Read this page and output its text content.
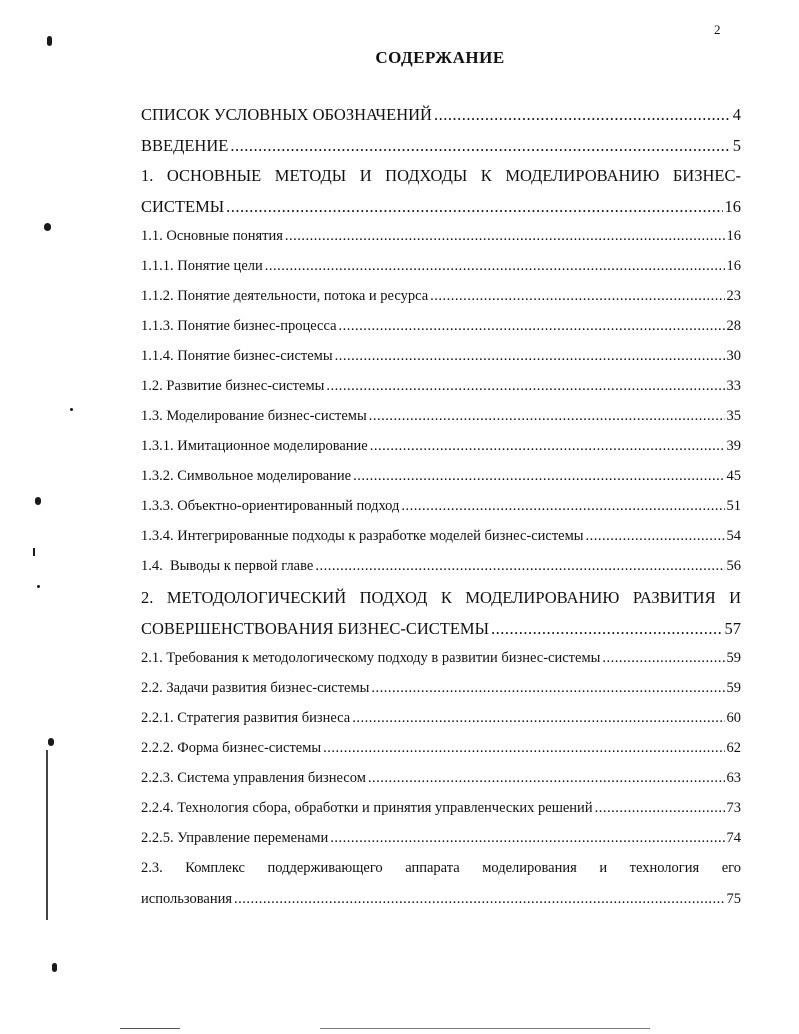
2
СОДЕРЖАНИЕ
СПИСОК УСЛОВНЫХ ОБОЗНАЧЕНИЙ .....	4
ВВЕДЕНИЕ .....	5
1. ОСНОВНЫЕ МЕТОДЫ И ПОДХОДЫ К МОДЕЛИРОВАНИЮ БИЗНЕС-
СИСТЕМЫ .....	16
1.1. Основные понятия .....	16
1.1.1. Понятие цели .....	16
1.1.2. Понятие деятельности, потока и ресурса .....	23
1.1.3. Понятие бизнес-процесса .....	28
1.1.4. Понятие бизнес-системы .....	30
1.2. Развитие бизнес-системы .....	33
1.3. Моделирование бизнес-системы .....	35
1.3.1. Имитационное моделирование .....	39
1.3.2. Символьное моделирование .....	45
1.3.3. Объектно-ориентированный подход .....	51
1.3.4. Интегрированные подходы к разработке моделей бизнес-системы .....	54
1.4.  Выводы к первой главе .....	56
2. МЕТОДОЛОГИЧЕСКИЙ ПОДХОД К МОДЕЛИРОВАНИЮ РАЗВИТИЯ И
СОВЕРШЕНСТВОВАНИЯ БИЗНЕС-СИСТЕМЫ .....	57
2.1. Требования к методологическому подходу в развитии бизнес-системы .....	59
2.2. Задачи развития бизнес-системы .....	59
2.2.1. Стратегия развития бизнеса .....	60
2.2.2. Форма бизнес-системы .....	62
2.2.3. Система управления бизнесом .....	63
2.2.4. Технология сбора, обработки и принятия управленческих решений .....	73
2.2.5. Управление переменами .....	74
2.3. Комплекс поддерживающего аппарата моделирования и технология его
использования .....	75
